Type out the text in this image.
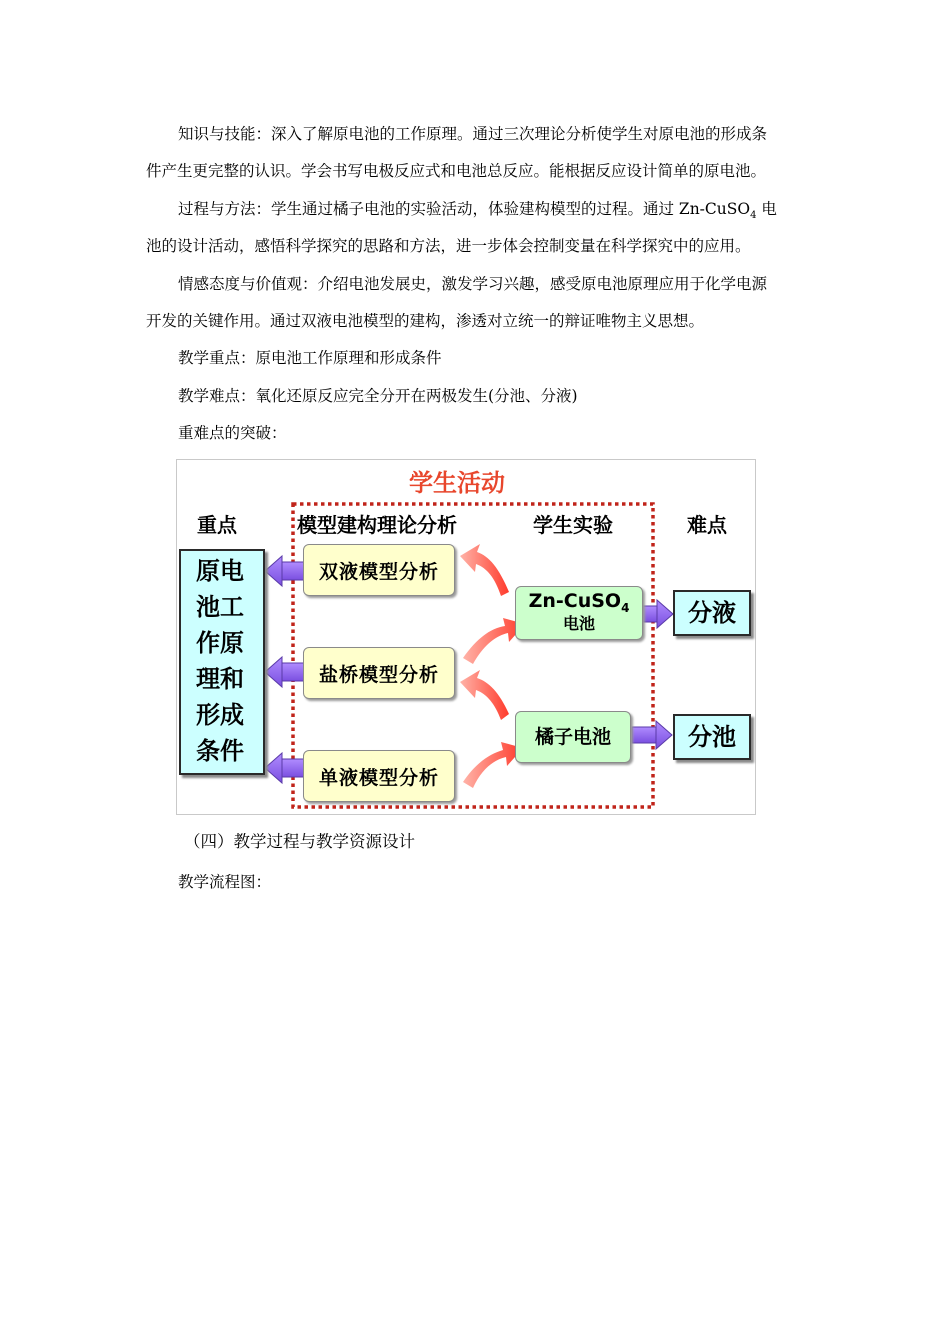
知识与技能：深入了解原电池的工作原理。通过三次理论分析使学生对原电池的形成条
件产生更完整的认识。学会书写电极反应式和电池总反应。能根据反应设计简单的原电池。
过程与方法：学生通过橘子电池的实验活动，体验建构模型的过程。通过 Zn-CuSO$_4$ 电
池的设计活动，感悟科学探究的思路和方法，进一步体会控制变量在科学探究中的应用。
情感态度与价值观：介绍电池发展史，激发学习兴趣，感受原电池原理应用于化学电源
开发的关键作用。通过双液电池模型的建构，渗透对立统一的辩证唯物主义思想。
教学重点：原电池工作原理和形成条件
教学难点：氧化还原反应完全分开在两极发生(分池、分液)
重难点的突破：
学生活动
重点	模型建构理论分析	学生实验	难点
原电
池工
作原
理和
形成
条件
双液模型分析
盐桥模型分析
单液模型分析
Zn-CuSO$_4$
电池
橘子电池
分液
分池
（四）教学过程与教学资源设计
教学流程图：
